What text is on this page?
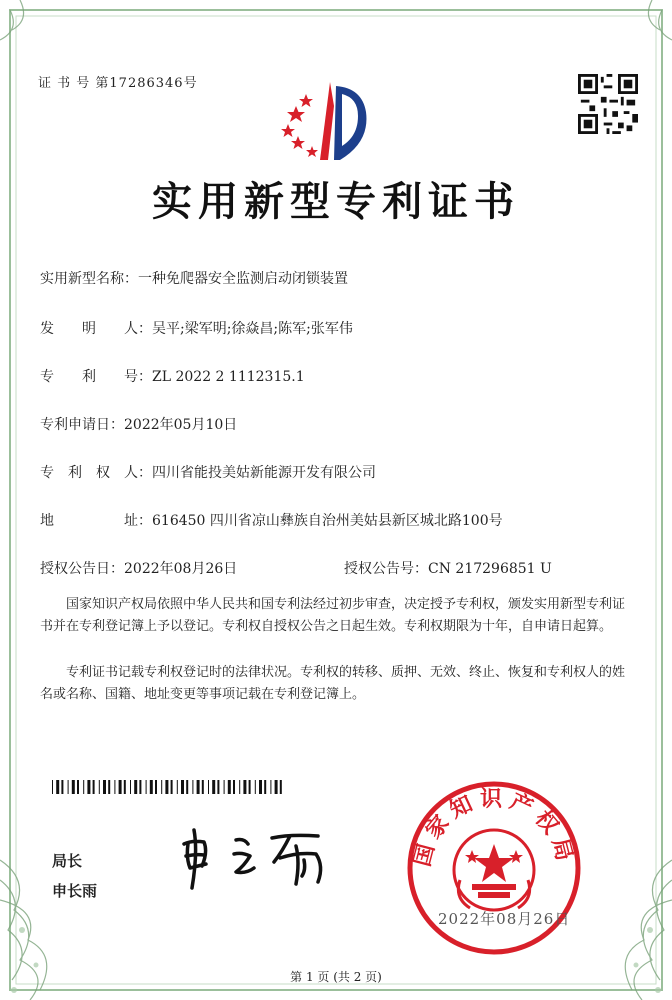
证 书 号 第17286346号
实用新型专利证书
实用新型名称：一种免爬器安全监测启动闭锁装置
发　　明　　人：吴平;梁军明;徐焱昌;陈军;张军伟
专　　利　　号：ZL 2022 2 1112315.1
专利申请日：2022年05月10日
专　利　权　人：四川省能投美姑新能源开发有限公司
地　　　　　址：616450 四川省凉山彝族自治州美姑县新区城北路100号
授权公告日：2022年08月26日	授权公告号：CN 217296851 U
国家知识产权局依照中华人民共和国专利法经过初步审查，决定授予专利权，颁发实用新型专利证书并在专利登记簿上予以登记。专利权自授权公告之日起生效。专利权期限为十年，自申请日起算。
专利证书记载专利权登记时的法律状况。专利权的转移、质押、无效、终止、恢复和专利权人的姓名或名称、国籍、地址变更等事项记载在专利登记簿上。
局长
申长雨
国家知识产权局
2022年08月26日
第 1 页 (共 2 页)
